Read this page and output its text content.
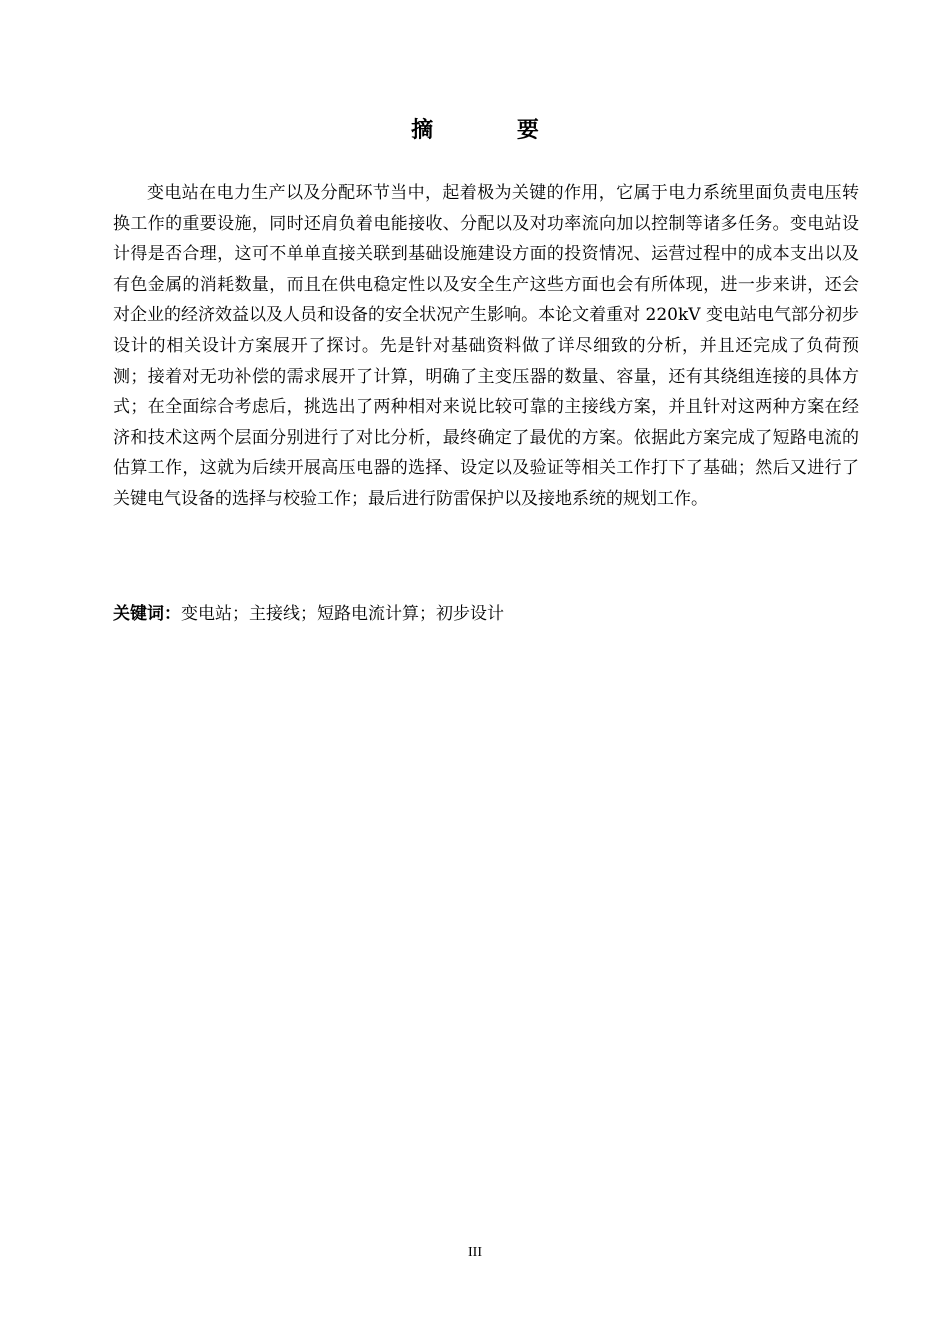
摘 要

变电站在电力生产以及分配环节当中，起着极为关键的作用，它属于电力系统里面负责电压转换工作的重要设施，同时还肩负着电能接收、分配以及对功率流向加以控制等诸多任务。变电站设计得是否合理，这可不单单直接关联到基础设施建设方面的投资情况、运营过程中的成本支出以及有色金属的消耗数量，而且在供电稳定性以及安全生产这些方面也会有所体现，进一步来讲，还会对企业的经济效益以及人员和设备的安全状况产生影响。本论文着重对 220kV 变电站电气部分初步设计的相关设计方案展开了探讨。先是针对基础资料做了详尽细致的分析，并且还完成了负荷预测；接着对无功补偿的需求展开了计算，明确了主变压器的数量、容量，还有其绕组连接的具体方式；在全面综合考虑后，挑选出了两种相对来说比较可靠的主接线方案，并且针对这两种方案在经济和技术这两个层面分别进行了对比分析，最终确定了最优的方案。依据此方案完成了短路电流的估算工作，这就为后续开展高压电器的选择、设定以及验证等相关工作打下了基础；然后又进行了关键电气设备的选择与校验工作；最后进行防雷保护以及接地系统的规划工作。

关键词：变电站；主接线；短路电流计算；初步设计

III
